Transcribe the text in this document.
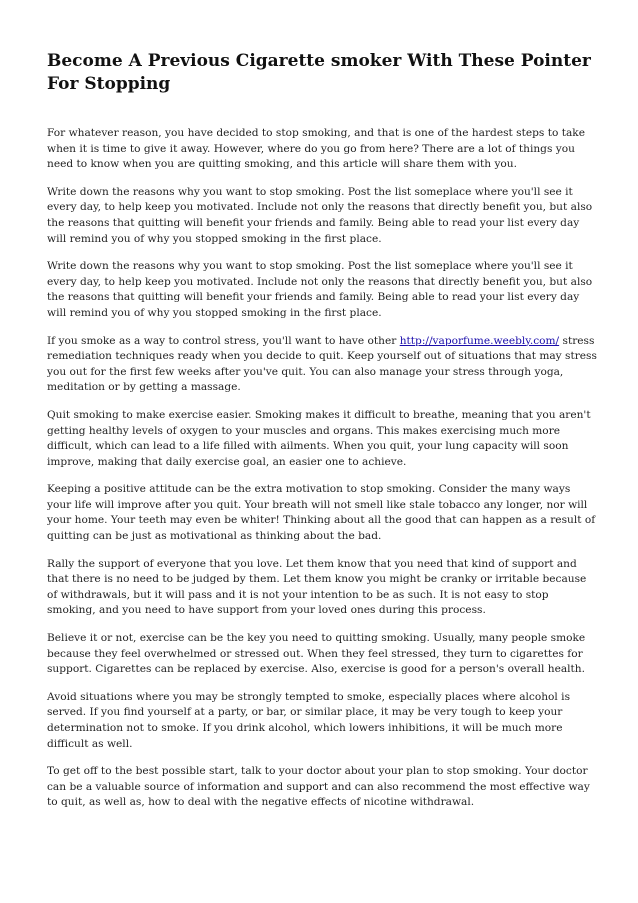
Become A Previous Cigarette smoker With These Pointer For Stopping

For whatever reason, you have decided to stop smoking, and that is one of the hardest steps to take when it is time to give it away. However, where do you go from here? There are a lot of things you need to know when you are quitting smoking, and this article will share them with you.

Write down the reasons why you want to stop smoking. Post the list someplace where you'll see it every day, to help keep you motivated. Include not only the reasons that directly benefit you, but also the reasons that quitting will benefit your friends and family. Being able to read your list every day will remind you of why you stopped smoking in the first place.

Write down the reasons why you want to stop smoking. Post the list someplace where you'll see it every day, to help keep you motivated. Include not only the reasons that directly benefit you, but also the reasons that quitting will benefit your friends and family. Being able to read your list every day will remind you of why you stopped smoking in the first place.

If you smoke as a way to control stress, you'll want to have other http://vaporfume.weebly.com/ stress remediation techniques ready when you decide to quit. Keep yourself out of situations that may stress you out for the first few weeks after you've quit. You can also manage your stress through yoga, meditation or by getting a massage.

Quit smoking to make exercise easier. Smoking makes it difficult to breathe, meaning that you aren't getting healthy levels of oxygen to your muscles and organs. This makes exercising much more difficult, which can lead to a life filled with ailments. When you quit, your lung capacity will soon improve, making that daily exercise goal, an easier one to achieve.

Keeping a positive attitude can be the extra motivation to stop smoking. Consider the many ways your life will improve after you quit. Your breath will not smell like stale tobacco any longer, nor will your home. Your teeth may even be whiter! Thinking about all the good that can happen as a result of quitting can be just as motivational as thinking about the bad.

Rally the support of everyone that you love. Let them know that you need that kind of support and that there is no need to be judged by them. Let them know you might be cranky or irritable because of withdrawals, but it will pass and it is not your intention to be as such. It is not easy to stop smoking, and you need to have support from your loved ones during this process.

Believe it or not, exercise can be the key you need to quitting smoking. Usually, many people smoke because they feel overwhelmed or stressed out. When they feel stressed, they turn to cigarettes for support. Cigarettes can be replaced by exercise. Also, exercise is good for a person's overall health.

Avoid situations where you may be strongly tempted to smoke, especially places where alcohol is served. If you find yourself at a party, or bar, or similar place, it may be very tough to keep your determination not to smoke. If you drink alcohol, which lowers inhibitions, it will be much more difficult as well.

To get off to the best possible start, talk to your doctor about your plan to stop smoking. Your doctor can be a valuable source of information and support and can also recommend the most effective way to quit, as well as, how to deal with the negative effects of nicotine withdrawal.
